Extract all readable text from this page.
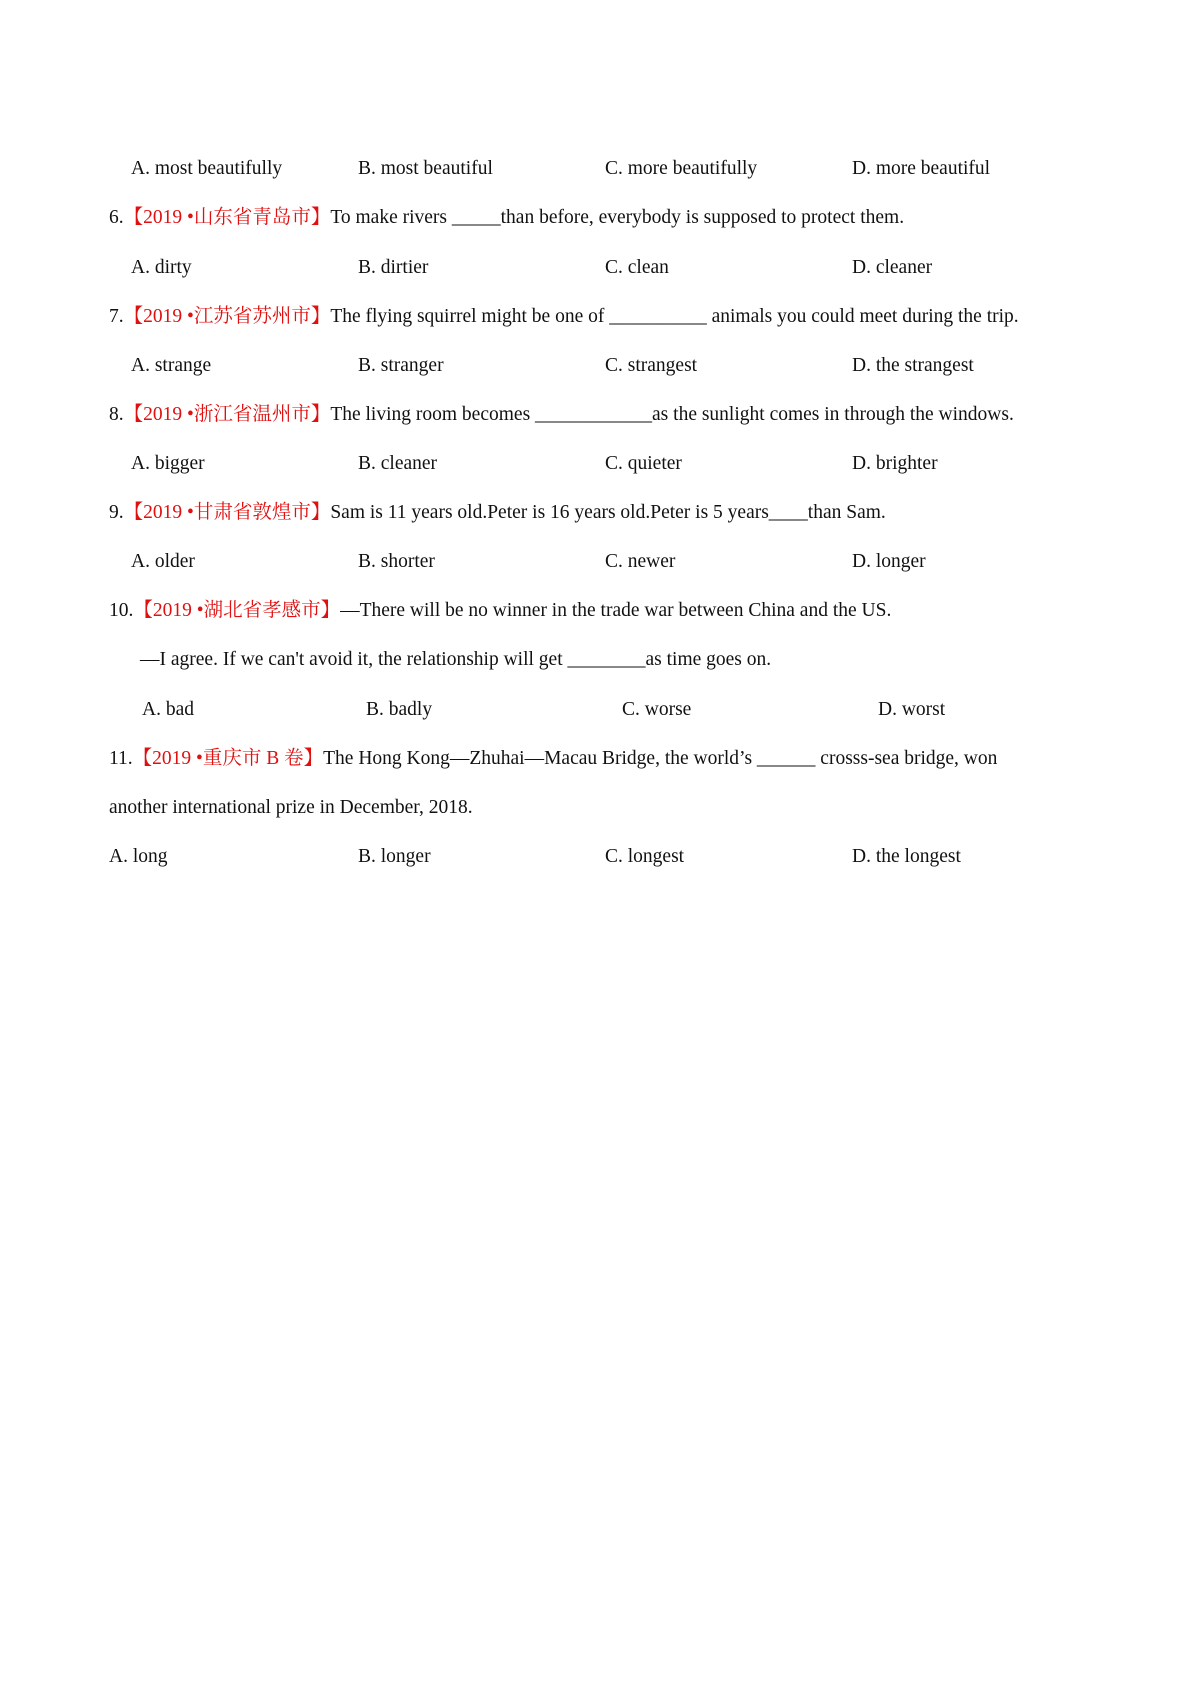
A. most beautifully	B. most beautiful	C. more beautifully	D. more beautiful
6.【2019 •山东省青岛市】To make rivers _____than before, everybody is supposed to protect them.
A. dirty	B. dirtier	C. clean	D. cleaner
7.【2019 •江苏省苏州市】The flying squirrel might be one of __________ animals you could meet during the trip.
A. strange	B. stranger	C. strangest	D. the strangest
8.【2019 •浙江省温州市】The living room becomes ____________as the sunlight comes in through the windows.
A. bigger	B. cleaner	C. quieter	D. brighter
9.【2019 •甘肃省敦煌市】Sam is 11 years old.Peter is 16 years old.Peter is 5 years____than Sam.
A. older	B. shorter	C. newer	D. longer
10.【2019 •湖北省孝感市】—There will be no winner in the trade war between China and the US.
—I agree. If we can't avoid it, the relationship will get ________as time goes on.
A. bad	B. badly	C. worse	D. worst
11.【2019 •重庆市 B 卷】The Hong Kong—Zhuhai—Macau Bridge, the world’s ______ crosss-sea bridge, won
another international prize in December, 2018.
A. long	B. longer	C. longest	D. the longest
